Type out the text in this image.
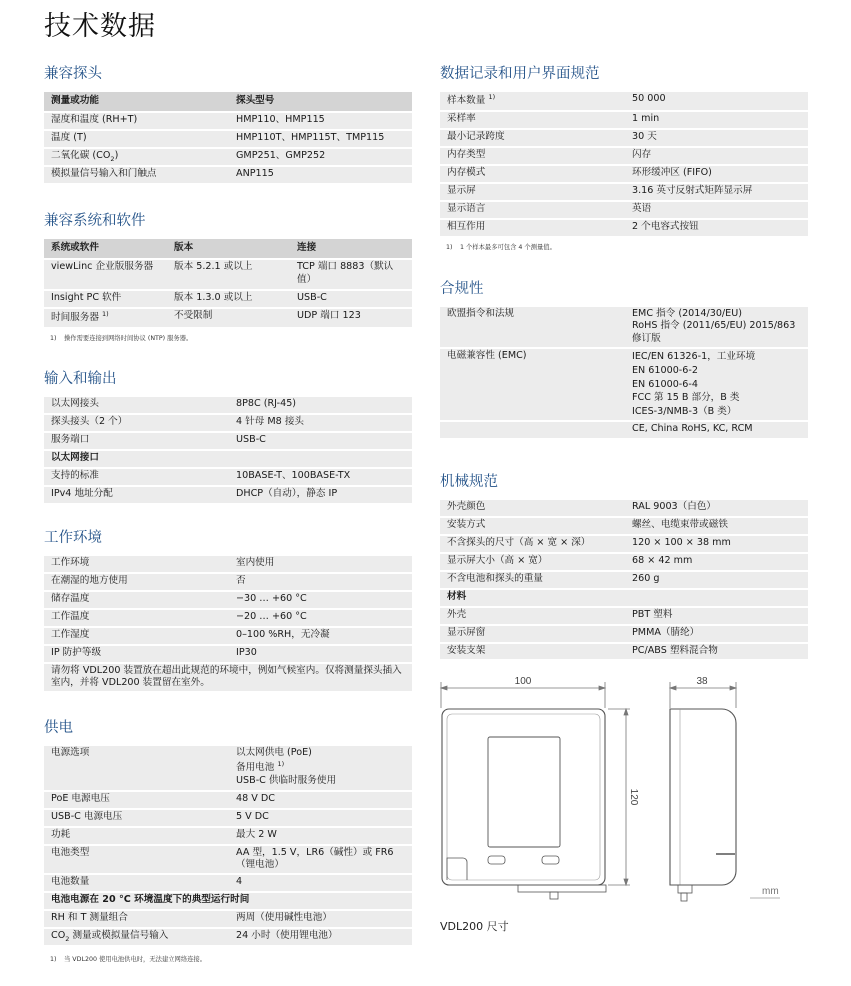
技术数据
兼容探头
测量或功能	探头型号

湿度和温度 (RH+T)	HMP110、HMP115

温度 (T)	HMP110T、HMP115T、TMP115

二氧化碳 $(CO_2)$	GMP251、GMP252

模拟量信号输入和门触点	ANP115
兼容系统和软件
系统或软件	版本	连接

viewLinc 企业版服务器	版本 5.2.1 或以上	TCP 端口 8883（默认值）

Insight PC 软件	版本 1.3.0 或以上	USB-C

时间服务器 $^{1)}$	不受限制	UDP 端口 123
1) 操作需要连接到网络时间协议 (NTP) 服务器。
输入和输出
以太网接头	8P8C (RJ-45)

探头接头（2 个）	4 针母 M8 接头

服务端口	USB-C

以太网接口	

支持的标准	10BASE-T、100BASE-TX

IPv4 地址分配	DHCP（自动），静态 IP
工作环境
工作环境	室内使用

在潮湿的地方使用	否

储存温度	−30 … +60 °C

工作温度	−20 … +60 °C

工作湿度	0–100 %RH，无冷凝

IP 防护等级	IP30

请勿将 VDL200 装置放在超出此规范的环境中，例如气候室内。仅将测量探头插入室内，并将 VDL200 装置留在室外。	
供电
电源选项	以太网供电 (PoE)
备用电池 $^{1)}$
USB-C 供临时服务使用

PoE 电源电压	48 V DC

USB-C 电源电压	5 V DC

功耗	最大 2 W

电池类型	AA 型，1.5 V，LR6（碱性）或 FR6（锂电池）

电池数量	4

电池电源在 20 °C 环境温度下的典型运行时间	

RH 和 T 测量组合	两周（使用碱性电池）

$CO_2$ 测量或模拟量信号输入	24 小时（使用锂电池）
1) 当 VDL200 使用电池供电时，无法建立网络连接。
数据记录和用户界面规范
样本数量 $^{1)}$	50 000

采样率	1 min

最小记录跨度	30 天

内存类型	闪存

内存模式	环形缓冲区 (FIFO)

显示屏	3.16 英寸反射式矩阵显示屏

显示语言	英语

相互作用	2 个电容式按钮
1) 1 个样本最多可包含 4 个测量值。
合规性
欧盟指令和法规	EMC 指令 (2014/30/EU)
RoHS 指令 (2011/65/EU) 2015/863 修订版

电磁兼容性 (EMC)	IEC/EN 61326-1，工业环境
EN 61000-6-2
EN 61000-6-4
FCC 第 15 B 部分，B 类
ICES-3/NMB-3（B 类）

	CE, China RoHS, KC, RCM
机械规范
外壳颜色	RAL 9003（白色）

安装方式	螺丝、电缆束带或磁铁

不含探头的尺寸（高 × 宽 × 深）	120 × 100 × 38 mm

显示屏大小（高 × 宽）	68 × 42 mm

不含电池和探头的重量	260 g

材料	

外壳	PBT 塑料

显示屏窗	PMMA（腈纶）

安装支架	PC/ABS 塑料混合物
100
120
38
mm
VDL200 尺寸
